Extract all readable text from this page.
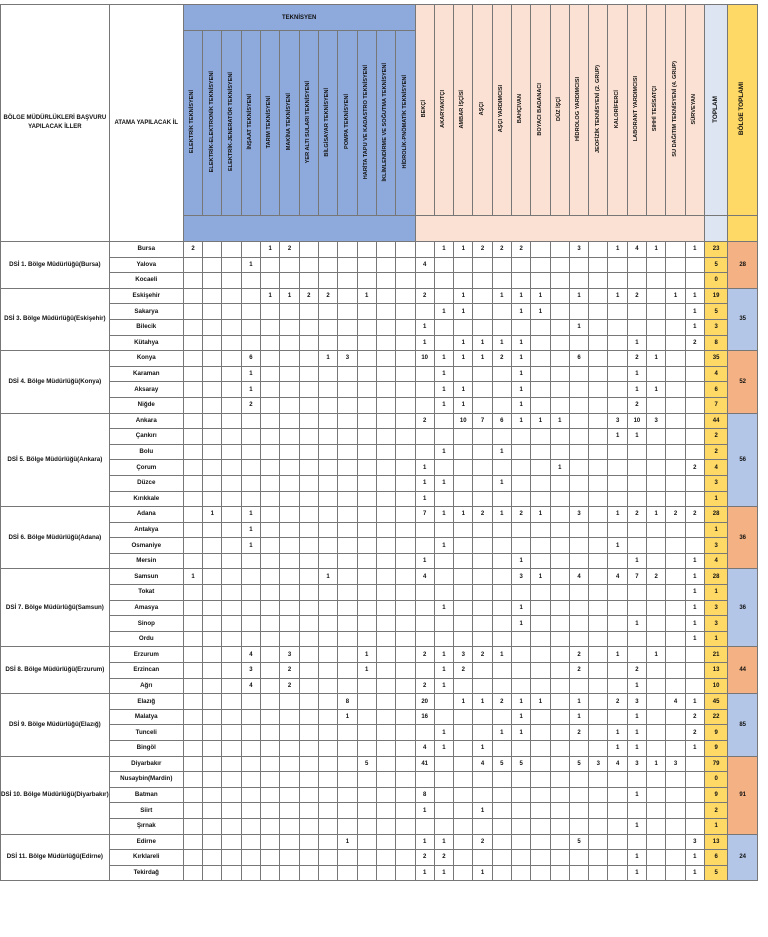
BÖLGE MÜDÜRLÜKLERİ BAŞVURU YAPILACAK İLLER	ATAMA YAPILACAK İL	TEKNİSYEN												BEKÇİ	AKARYAKITÇI	AMBAR İŞÇİSİ	AŞÇI	AŞÇI YARDIMCISI	BAHÇIVAN	BOYACI BADANACI	DÜZ İŞÇİ	HİDROLOG YARDIMCISI	JEOFİZİK TEKNİSYENİ (2. GRUP)	KALORİFERCİ	LABORANT YARDIMCISI	SIHHİ TESİSATÇI	SU DAĞITIM TEKNİSYENİ (4. GRUP)	SÜRVEYAN	TOPLAM	BÖLGE TOPLAMI
		ELEKTRİK TEKNİSYENİ	ELEKTRİK-ELEKTRONİK TEKNİSYENİ	ELEKTRİK-JENERATÖR TEKNİSYENİ	İNŞAAT TEKNİSYENİ	TARIM TEKNİSYENİ	MAKİNA TEKNİSYENİ	YER ALTI SULARI TEKNİSYENİ	BİLGİSAYAR TEKNİSYENİ	POMPA TEKNİSYENİ	HARİTA TAPU VE KADASTRO TEKNİSYENİ	İKLİMLENDİRME VE SOĞUTMA TEKNİSYENİ	HİDROLİK-PNÖMATİK TEKNİSYENİ																	

DSİ 1. Bölge Müdürlüğü(Bursa)	Bursa	2				1	2								1	1	2	2	2			3		1	4	1		1	23	28
	Yalova				1									4															5	
	Kocaeli																												0	
DSİ 3. Bölge Müdürlüğü(Eskişehir)	Eskişehir					1	1	2	2		1			2		1		1	1	1		1		1	2		1	1	19	35
	Sakarya														1	1			1	1								1	5	
	Bilecik													1								1						1	3	
	Kütahya													1		1	1	1	1						1			2	8	
DSİ 4. Bölge Müdürlüğü(Konya)	Konya				6				1	3				10	1	1	1	2	1			6			2	1			35	52
	Karaman				1										1				1						1				4	
	Aksaray				1										1	1			1						1	1			6	
	Niğde				2										1	1			1						2				7	
DSİ 5. Bölge Müdürlüğü(Ankara)	Ankara													2		10	7	6	1	1	1			3	10	3			44	56
	Çankırı																							1	1				2	
	Bolu														1			1											2	
	Çorum													1							1							2	4	
	Düzce													1	1			1											3	
	Kırıkkale													1															1	
DSİ 6. Bölge Müdürlüğü(Adana)	Adana		1		1									7	1	1	2	1	2	1		3		1	2	1	2	2	28	36
	Antakya				1																								1	
	Osmaniye				1										1									1					3	
	Mersin													1					1						1			1	4	
DSİ 7. Bölge Müdürlüğü(Samsun)	Samsun	1							1					4					3	1		4		4	7	2		1	28	36
	Tokat																											1	1	
	Amasya														1				1									1	3	
	Sinop																		1						1			1	3	
	Ordu																											1	1	
DSİ 8. Bölge Müdürlüğü(Erzurum)	Erzurum				4		3				1			2	1	3	2	1				2		1		1			21	44
	Erzincan				3		2				1				1	2						2			2				13	
	Ağrı				4		2							2	1										1				10	
DSİ 9. Bölge Müdürlüğü(Elazığ)	Elazığ									8				20		1	1	2	1	1		1		2	3		4	1	45	85
	Malatya									1				16					1			1			1			2	22	
	Tunceli														1			1	1			2		1	1			2	9	
	Bingöl													4	1		1							1	1			1	9	
DSİ 10. Bölge Müdürlüğü(Diyarbakır)	Diyarbakır										5			41			4	5	5			5	3	4	3	1	3		79	91
	Nusaybin(Mardin)																												0	
	Batman													8											1				9	
	Siirt													1			1												2	
	Şırnak																								1				1	
DSİ 11. Bölge Müdürlüğü(Edirne)	Edirne									1				1	1		2					5						3	13	24
	Kırklareli													2	2										1			1	6	
	Tekirdağ													1	1		1								1			1	5	
